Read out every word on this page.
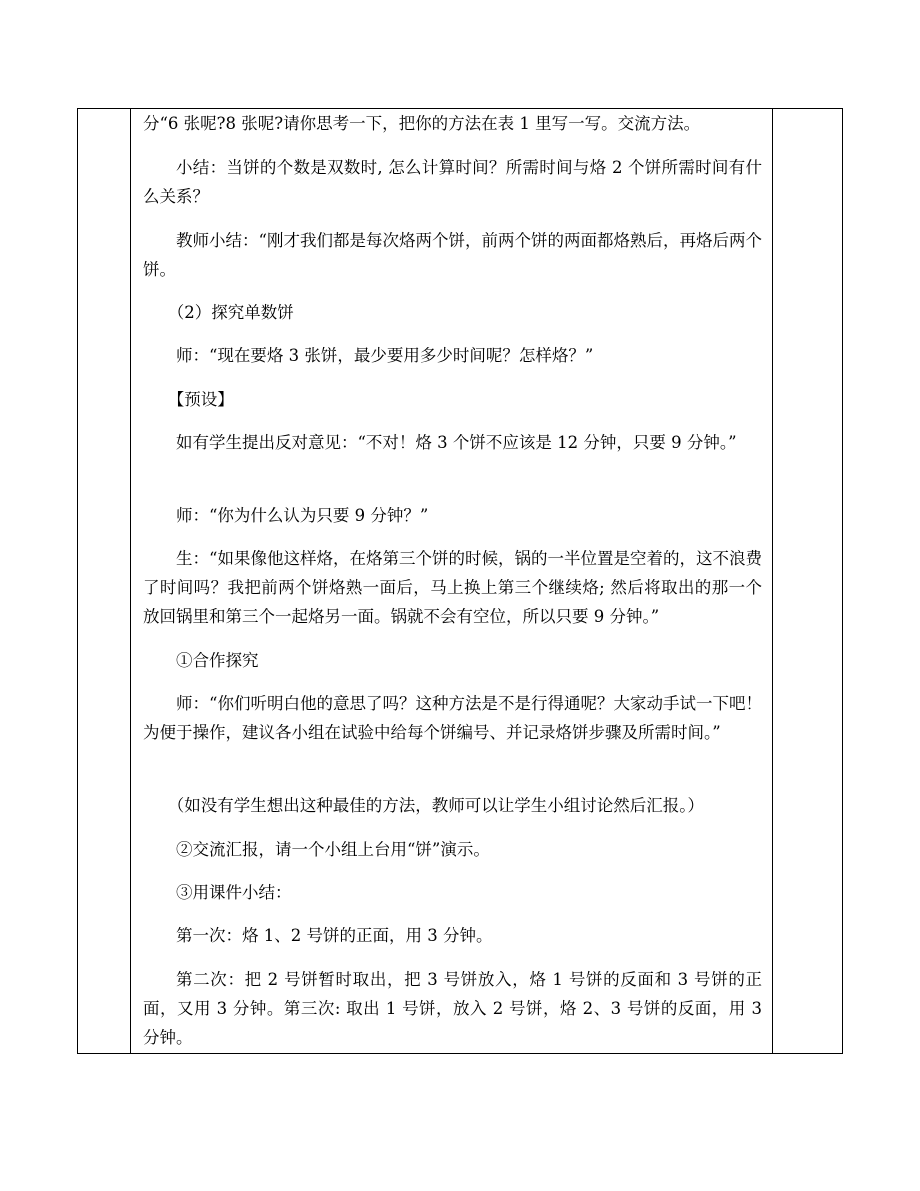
分“6 张呢?8 张呢?请你思考一下，把你的方法在表 1 里写一写。交流方法。

小结：当饼的个数是双数时, 怎么计算时间？所需时间与烙 2 个饼所需时间有什么关系？

教师小结：“刚才我们都是每次烙两个饼，前两个饼的两面都烙熟后，再烙后两个饼。

（2）探究单数饼

师：“现在要烙 3 张饼，最少要用多少时间呢？怎样烙？”

【预设】

如有学生提出反对意见：“不对！烙 3 个饼不应该是 12 分钟，只要 9 分钟。”

师：“你为什么认为只要 9 分钟？”

生：“如果像他这样烙，在烙第三个饼的时候，锅的一半位置是空着的，这不浪费了时间吗？我把前两个饼烙熟一面后，马上换上第三个继续烙; 然后将取出的那一个放回锅里和第三个一起烙另一面。锅就不会有空位，所以只要 9 分钟。”

①合作探究

师：“你们听明白他的意思了吗？这种方法是不是行得通呢？大家动手试一下吧！为便于操作，建议各小组在试验中给每个饼编号、并记录烙饼步骤及所需时间。”

（如没有学生想出这种最佳的方法，教师可以让学生小组讨论然后汇报。）

②交流汇报，请一个小组上台用“饼”演示。

③用课件小结：

第一次：烙 1、2 号饼的正面，用 3 分钟。

第二次：把 2 号饼暂时取出，把 3 号饼放入，烙 1 号饼的反面和 3 号饼的正面，又用 3 分钟。第三次: 取出 1 号饼，放入 2 号饼，烙 2、3 号饼的反面，用 3 分钟。
